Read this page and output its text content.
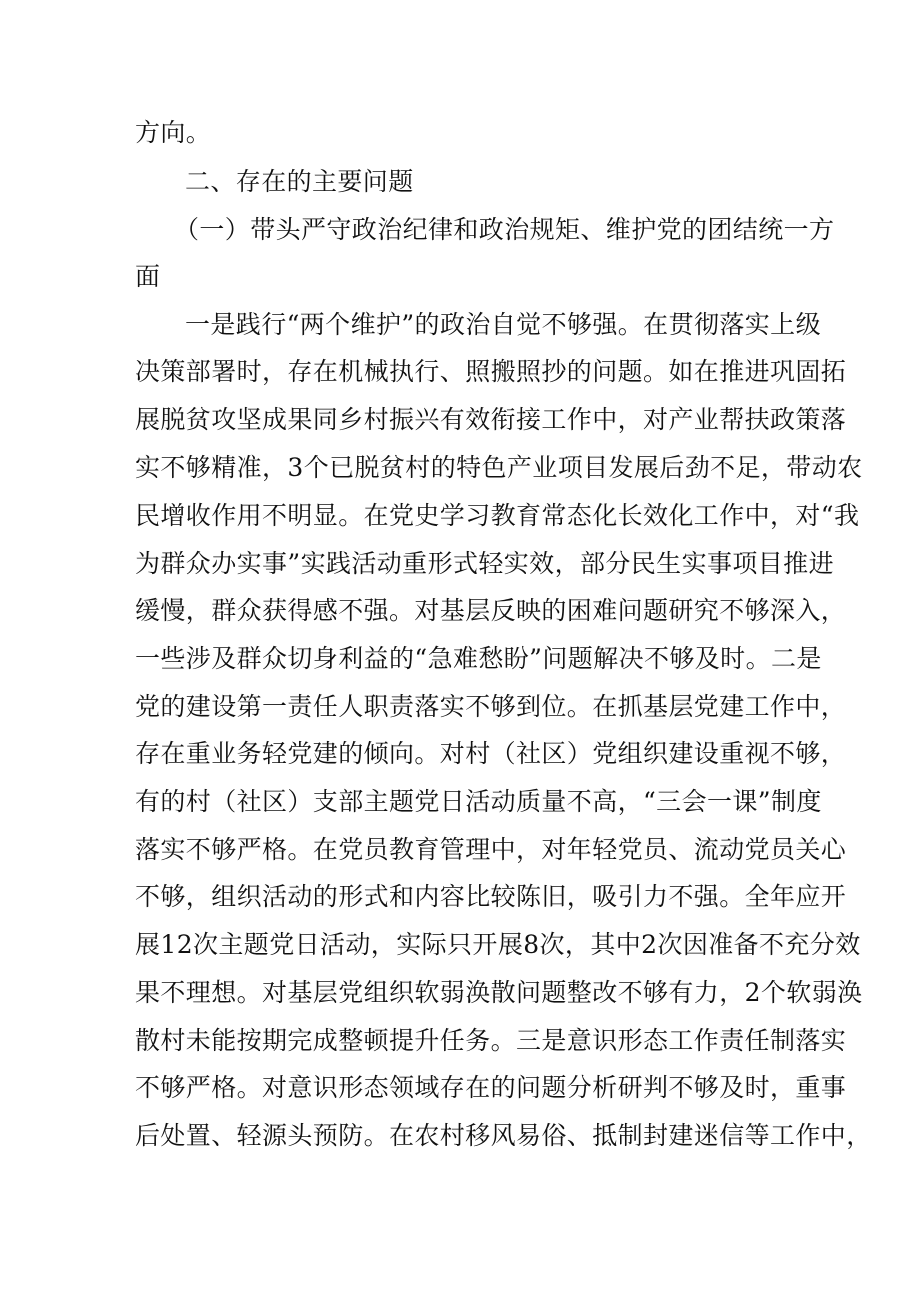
方向。
二、存在的主要问题
（一）带头严守政治纪律和政治规矩、维护党的团结统一方
面
一是践行“两个维护”的政治自觉不够强。在贯彻落实上级
决策部署时，存在机械执行、照搬照抄的问题。如在推进巩固拓
展脱贫攻坚成果同乡村振兴有效衔接工作中，对产业帮扶政策落
实不够精准，3个已脱贫村的特色产业项目发展后劲不足，带动农
民增收作用不明显。在党史学习教育常态化长效化工作中，对“我
为群众办实事”实践活动重形式轻实效，部分民生实事项目推进
缓慢，群众获得感不强。对基层反映的困难问题研究不够深入，
一些涉及群众切身利益的“急难愁盼”问题解决不够及时。二是
党的建设第一责任人职责落实不够到位。在抓基层党建工作中，
存在重业务轻党建的倾向。对村（社区）党组织建设重视不够，
有的村（社区）支部主题党日活动质量不高，“三会一课”制度
落实不够严格。在党员教育管理中，对年轻党员、流动党员关心
不够，组织活动的形式和内容比较陈旧，吸引力不强。全年应开
展12次主题党日活动，实际只开展8次，其中2次因准备不充分效
果不理想。对基层党组织软弱涣散问题整改不够有力，2个软弱涣
散村未能按期完成整顿提升任务。三是意识形态工作责任制落实
不够严格。对意识形态领域存在的问题分析研判不够及时，重事
后处置、轻源头预防。在农村移风易俗、抵制封建迷信等工作中，
